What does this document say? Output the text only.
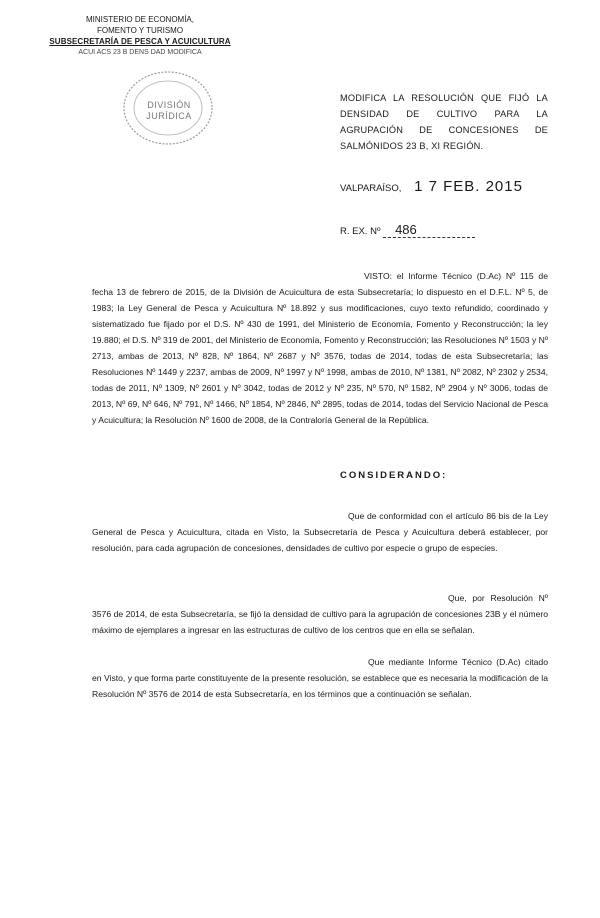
MINISTERIO DE ECONOMÍA,
FOMENTO Y TURISMO
SUBSECRETARÍA DE PESCA Y ACUICULTURA
ACUI ACS 23 B DENS DAD MODIFICA
DIVISIÓN
JURÍDICA
MODIFICA LA RESOLUCIÓN QUE FIJÓ LA DENSIDAD DE CULTIVO PARA LA AGRUPACIÓN DE CONCESIONES DE SALMÓNIDOS 23 B, XI REGIÓN.
VALPARAÍSO, 1 7 FEB. 2015
R. EX. Nº 486
VISTO: el Informe Técnico (D.Ac) Nº 115 de fecha 13 de febrero de 2015, de la División de Acuicultura de esta Subsecretaría; lo dispuesto en el D.F.L. Nº 5, de 1983; la Ley General de Pesca y Acuicultura Nº 18.892 y sus modificaciones, cuyo texto refundido, coordinado y sistematizado fue fijado por el D.S. Nº 430 de 1991, del Ministerio de Economía, Fomento y Reconstrucción; la ley 19.880; el D.S. Nº 319 de 2001, del Ministerio de Economía, Fomento y Reconstrucción; las Resoluciones Nº 1503 y Nº 2713, ambas de 2013, Nº 828, Nº 1864, Nº 2687 y Nº 3576, todas de 2014, todas de esta Subsecretaría; las Resoluciones Nº 1449 y 2237, ambas de 2009, Nº 1997 y Nº 1998, ambas de 2010, Nº 1381, Nº 2082, Nº 2302 y 2534, todas de 2011, Nº 1309, Nº 2601 y Nº 3042, todas de 2012 y Nº 235, Nº 570, Nº 1582, Nº 2904 y Nº 3006, todas de 2013, Nº 69, Nº 646, Nº 791, Nº 1466, Nº 1854, Nº 2846, Nº 2895, todas de 2014, todas del Servicio Nacional de Pesca y Acuicultura; la Resolución Nº 1600 de 2008, de la Contraloría General de la República.
CONSIDERANDO:
Que de conformidad con el artículo 86 bis de la Ley General de Pesca y Acuicultura, citada en Visto, la Subsecretaría de Pesca y Acuicultura deberá establecer, por resolución, para cada agrupación de concesiones, densidades de cultivo por especie o grupo de especies.
Que, por Resolución Nº 3576 de 2014, de esta Subsecretaría, se fijó la densidad de cultivo para la agrupación de concesiones 23B y el número máximo de ejemplares a ingresar en las estructuras de cultivo de los centros que en ella se señalan.
Que mediante Informe Técnico (D.Ac) citado en Visto, y que forma parte constituyente de la presente resolución, se establece que es necesaria la modificación de la Resolución Nº 3576 de 2014 de esta Subsecretaría, en los términos que a continuación se señalan.
